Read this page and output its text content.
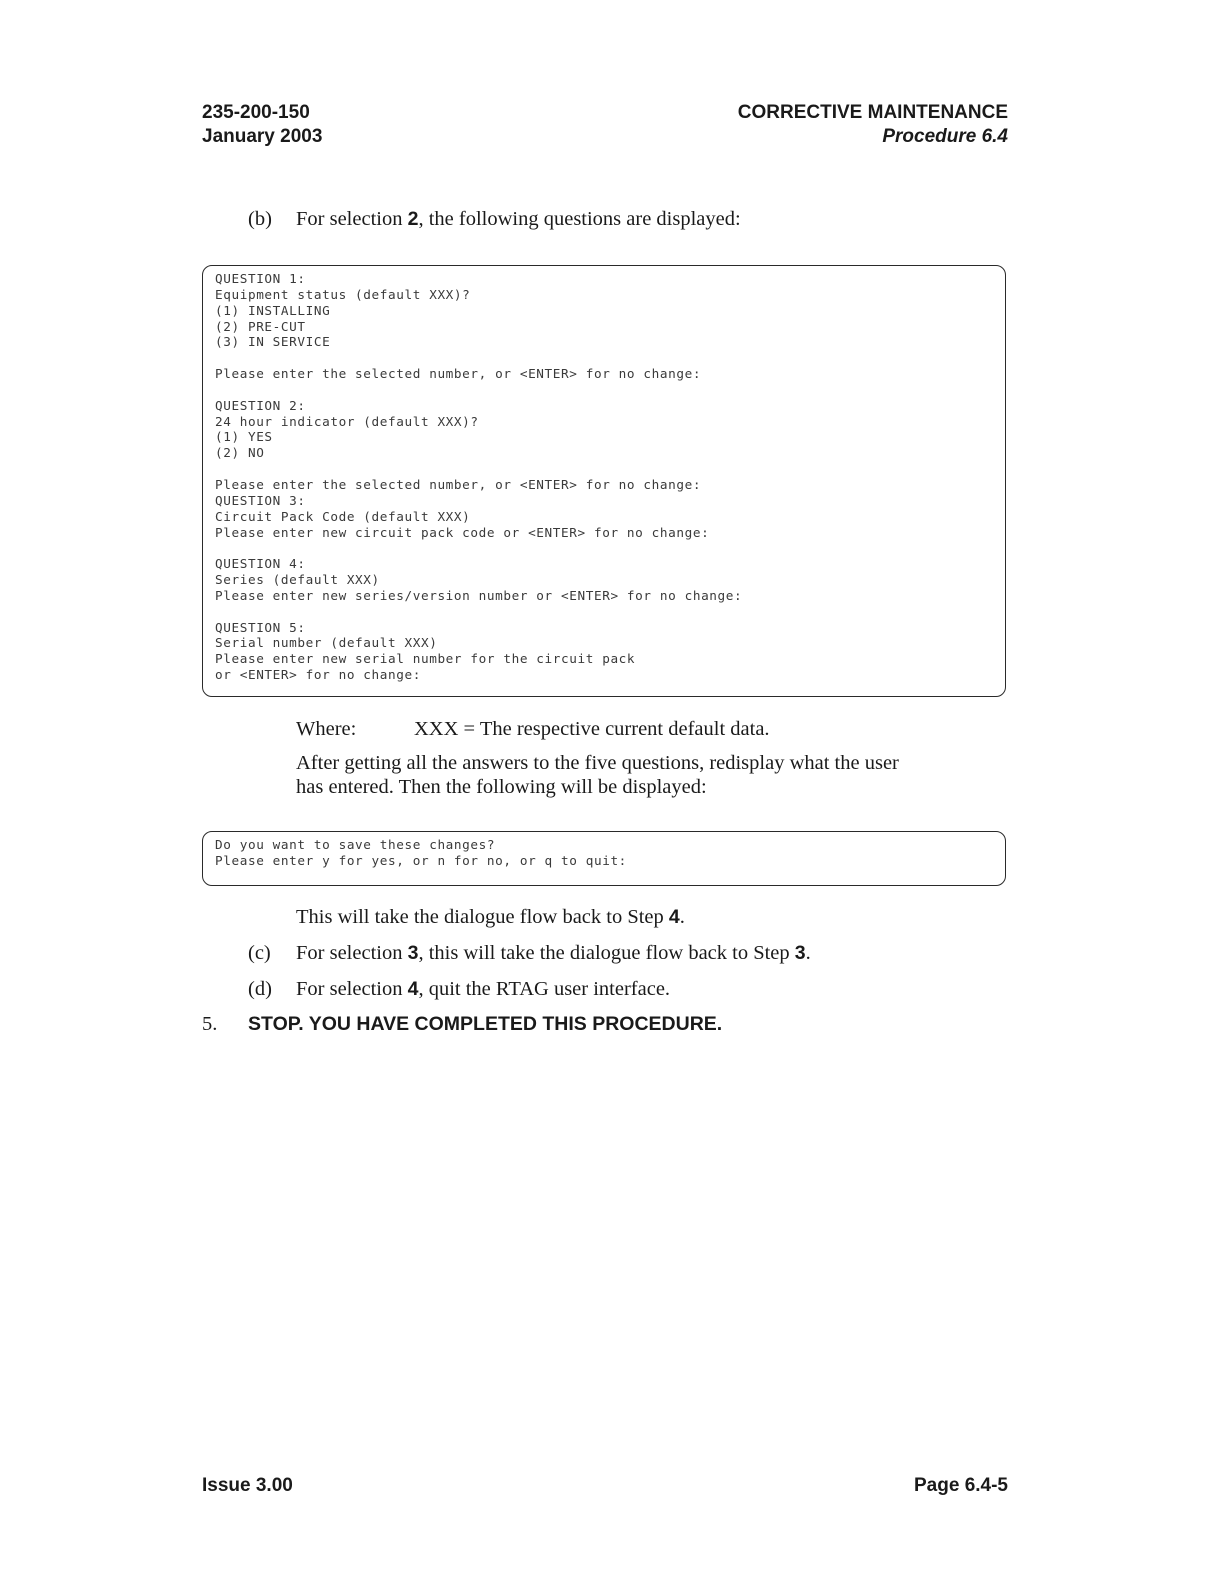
235-200-150
January 2003
CORRECTIVE MAINTENANCE
Procedure 6.4
(b) For selection 2, the following questions are displayed:
QUESTION 1:
Equipment status (default XXX)?
(1) INSTALLING
(2) PRE-CUT
(3) IN SERVICE
Please enter the selected number, or <ENTER> for no change:
QUESTION 2:
24 hour indicator (default XXX)?
(1) YES
(2) NO
Please enter the selected number, or <ENTER> for no change:
QUESTION 3:
Circuit Pack Code (default XXX)
Please enter new circuit pack code or <ENTER> for no change:
QUESTION 4:
Series (default XXX)
Please enter new series/version number or <ENTER> for no change:
QUESTION 5:
Serial number (default XXX)
Please enter new serial number for the circuit pack
or <ENTER> for no change:
Where:	XXX = The respective current default data.
After getting all the answers to the five questions, redisplay what the user
has entered. Then the following will be displayed:
Do you want to save these changes?
Please enter y for yes, or n for no, or q to quit:
This will take the dialogue flow back to Step 4.
(c) For selection 3, this will take the dialogue flow back to Step 3.
(d) For selection 4, quit the RTAG user interface.
5. STOP. YOU HAVE COMPLETED THIS PROCEDURE.
Issue 3.00	Page 6.4-5
